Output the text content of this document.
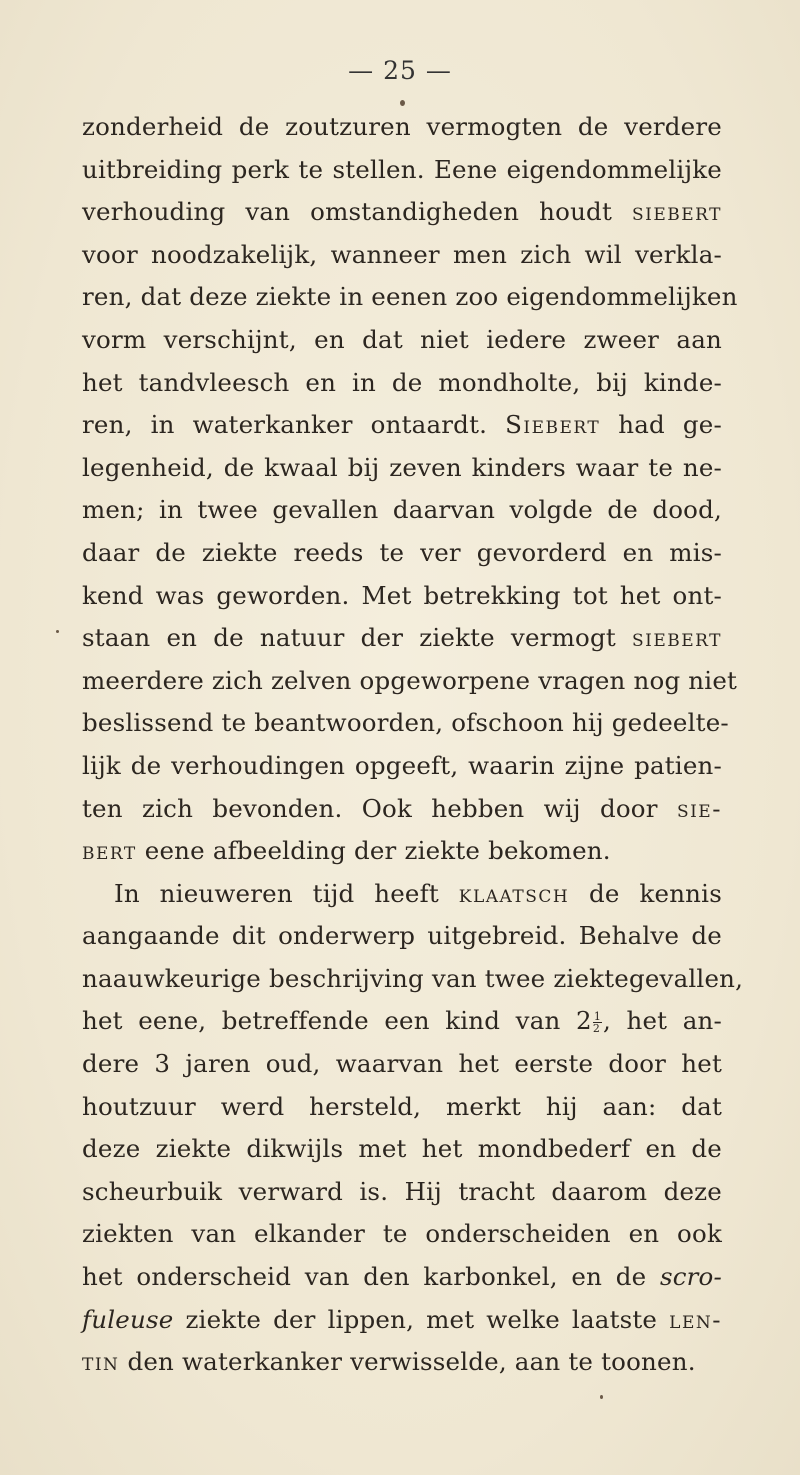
— 25 —
zonderheid de zoutzuren vermogten de verdere
uitbreiding perk te stellen. Eene eigendommelijke
verhouding van omstandigheden houdt siebert
voor noodzakelijk, wanneer men zich wil verkla-
ren, dat deze ziekte in eenen zoo eigendommelijken
vorm verschijnt, en dat niet iedere zweer aan
het tandvleesch en in de mondholte, bij kinde-
ren, in waterkanker ontaardt. Siebert had ge-
legenheid, de kwaal bij zeven kinders waar te ne-
men; in twee gevallen daarvan volgde de dood,
daar de ziekte reeds te ver gevorderd en mis-
kend was geworden. Met betrekking tot het ont-
staan en de natuur der ziekte vermogt siebert
meerdere zich zelven opgeworpene vragen nog niet
beslissend te beantwoorden, ofschoon hij gedeelte-
lijk de verhoudingen opgeeft, waarin zijne patien-
ten zich bevonden. Ook hebben wij door sie-
bert eene afbeelding der ziekte bekomen.
In nieuweren tijd heeft klaatsch de kennis
aangaande dit onderwerp uitgebreid. Behalve de
naauwkeurige beschrijving van twee ziektegevallen,
het eene, betreffende een kind van $2 \frac{1}{2}$ , het an-
dere 3 jaren oud, waarvan het eerste door het
houtzuur werd hersteld, merkt hij aan: dat
deze ziekte dikwijls met het mondbederf en de
scheurbuik verward is. Hij tracht daarom deze
ziekten van elkander te onderscheiden en ook
het onderscheid van den karbonkel, en de scro-
fuleuse ziekte der lippen, met welke laatste len-
tin den waterkanker verwisselde, aan te toonen.
